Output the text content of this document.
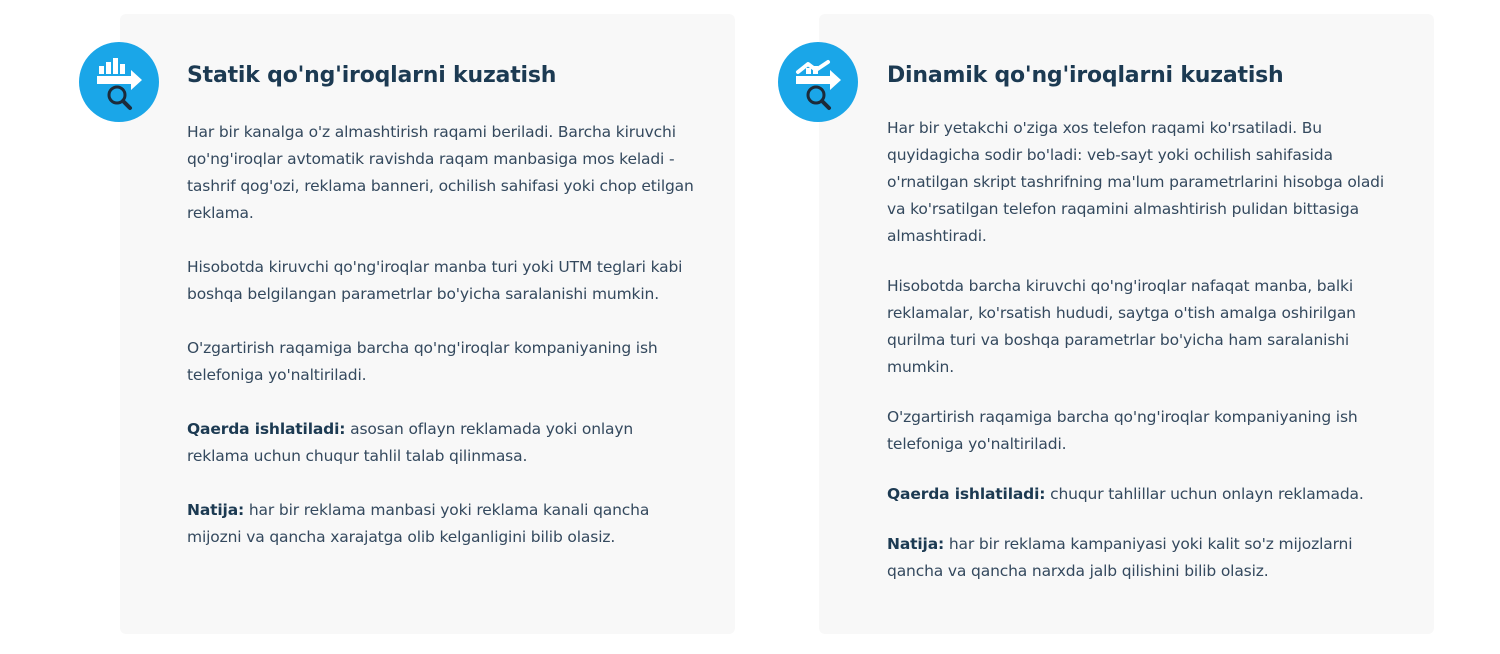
Statik qo'ng'iroqlarni kuzatish

Har bir kanalga o'z almashtirish raqami beriladi. Barcha kiruvchi qo'ng'iroqlar avtomatik ravishda raqam manbasiga mos keladi - tashrif qog'ozi, reklama banneri, ochilish sahifasi yoki chop etilgan reklama.

Hisobotda kiruvchi qo'ng'iroqlar manba turi yoki UTM teglari kabi boshqa belgilangan parametrlar bo'yicha saralanishi mumkin.

O'zgartirish raqamiga barcha qo'ng'iroqlar kompaniyaning ish telefoniga yo'naltiriladi.

Qaerda ishlatiladi: asosan oflayn reklamada yoki onlayn reklama uchun chuqur tahlil talab qilinmasa.

Natija: har bir reklama manbasi yoki reklama kanali qancha mijozni va qancha xarajatga olib kelganligini bilib olasiz.

Dinamik qo'ng'iroqlarni kuzatish

Har bir yetakchi o'ziga xos telefon raqami ko'rsatiladi. Bu quyidagicha sodir bo'ladi: veb-sayt yoki ochilish sahifasida o'rnatilgan skript tashrifning ma'lum parametrlarini hisobga oladi va ko'rsatilgan telefon raqamini almashtirish pulidan bittasiga almashtiradi.

Hisobotda barcha kiruvchi qo'ng'iroqlar nafaqat manba, balki reklamalar, ko'rsatish hududi, saytga o'tish amalga oshirilgan qurilma turi va boshqa parametrlar bo'yicha ham saralanishi mumkin.

O'zgartirish raqamiga barcha qo'ng'iroqlar kompaniyaning ish telefoniga yo'naltiriladi.

Qaerda ishlatiladi: chuqur tahlillar uchun onlayn reklamada.

Natija: har bir reklama kampaniyasi yoki kalit so'z mijozlarni qancha va qancha narxda jalb qilishini bilib olasiz.
